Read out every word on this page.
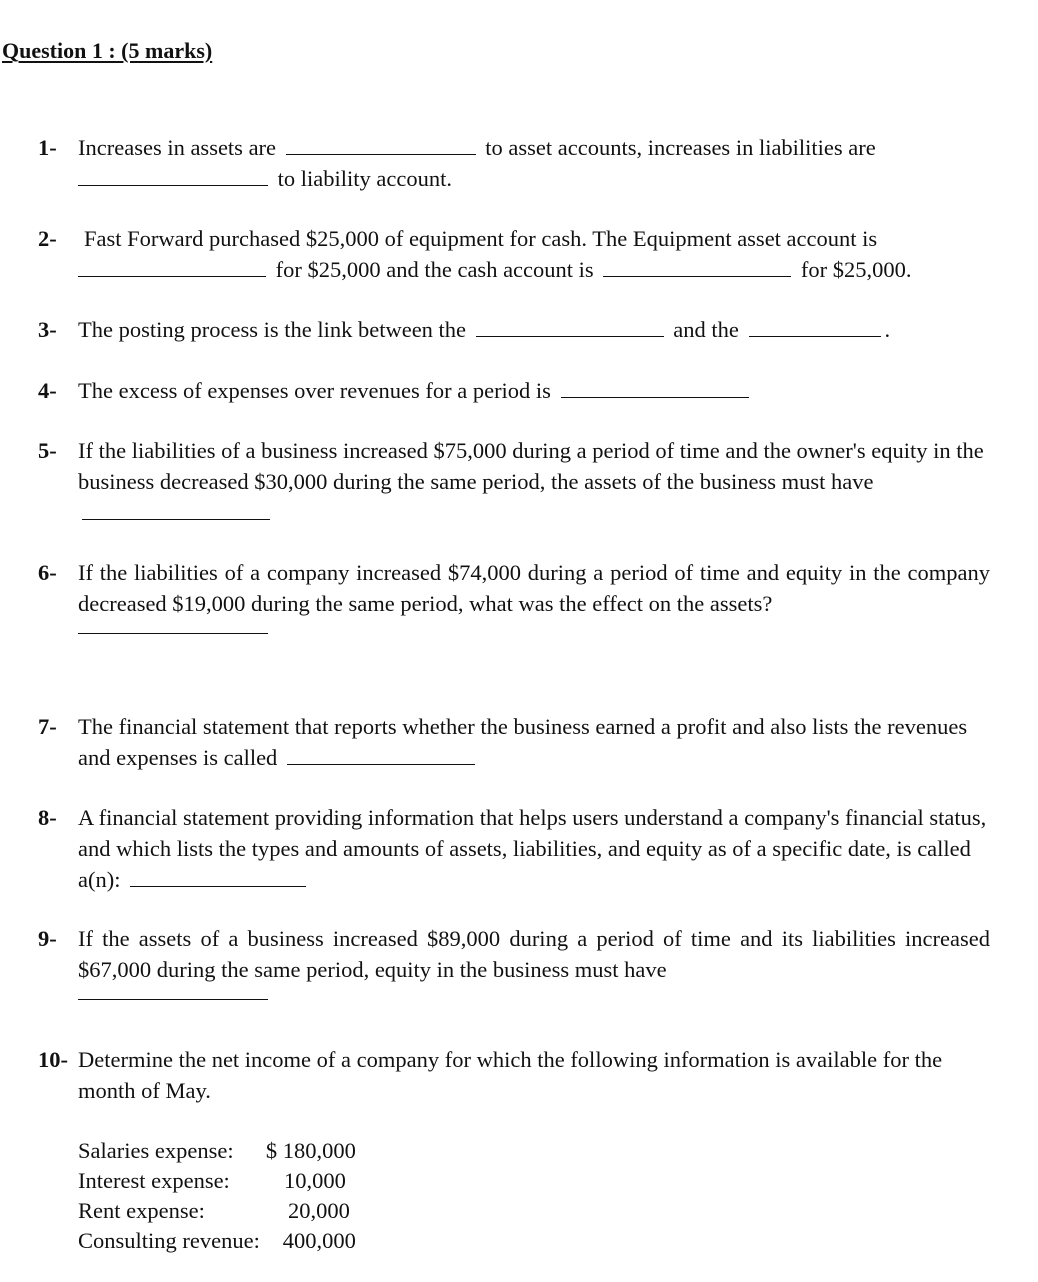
Question 1 : (5 marks)
1- Increases in assets are	to asset accounts, increases in liabilities are
to liability account.
2- Fast Forward purchased $25,000 of equipment for cash. The Equipment asset account is
for $25,000 and the cash account is	for $25,000.
3- The posting process is the link between the	and the	.
4- The excess of expenses over revenues for a period is
5- If the liabilities of a business increased $75,000 during a period of time and the owner's equity in the business decreased $30,000 during the same period, the assets of the business must have
6- If the liabilities of a company increased $74,000 during a period of time and equity in the company decreased $19,000 during the same period, what was the effect on the assets?
7- The financial statement that reports whether the business earned a profit and also lists the revenues and expenses is called
8- A financial statement providing information that helps users understand a company's financial status, and which lists the types and amounts of assets, liabilities, and equity as of a specific date, is called a(n):
9- If the assets of a business increased $89,000 during a period of time and its liabilities increased $67,000 during the same period, equity in the business must have
10- Determine the net income of a company for which the following information is available for the month of May.
Salaries expense:	$ 180,000
Interest expense:	10,000
Rent expense:	20,000
Consulting revenue:	400,000
